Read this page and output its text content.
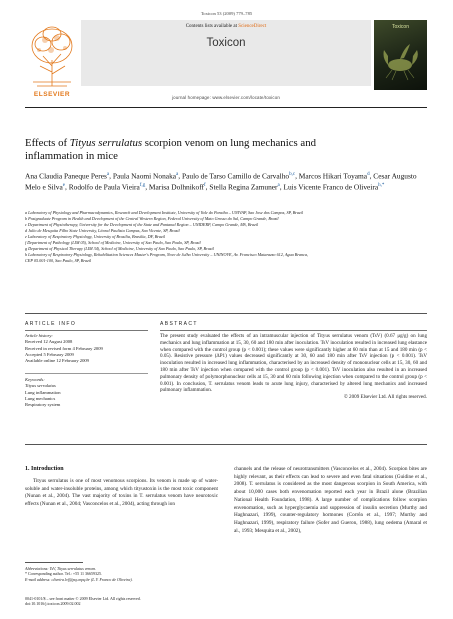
Toxicon 53 (2009) 779–785
ELSEVIER
Contents lists available at ScienceDirect
Toxicon
journal homepage: www.elsevier.com/locate/toxicon
Toxicon
Effects of Tityus serrulatus scorpion venom on lung mechanics and
inflammation in mice
Ana Claudia Paneque Peres$^a$, Paula Naomi Nonaka$^a$, Paulo de Tarso Camillo de Carvalho$^{b,c}$, Marcos Hikari Toyama$^d$, Cesar Augusto Melo e Silva$^e$, Rodolfo de Paula Vieira$^{f,g}$, Marisa Dolhnikoff$^f$, Stella Regina Zamuner$^a$, Luis Vicente Franco de Oliveira$^{h,*}$
a Laboratory of Physiology and Pharmacodynamics, Research and Development Institute, University of Vale do Paraiba – UNIVAP, Sao Jose dos Campos, SP, Brazil
b Postgraduate Program in Health and Development of the Central Western Region, Federal University of Mato Grosso do Sul, Campo Grande, Brazil
c Department of Physiotherapy, University for the Development of the State and Pantanal Region – UNIDERP, Campo Grande, MS, Brazil
d Julio de Mesquita Filho State University, Litoral Paulista Campus, Sao Vicente, SP, Brazil
e Laboratory of Respiratory Physiology, University of Brasilia, Brasilia, DF, Brazil
f Department of Pathology (LIM 05), School of Medicine, University of Sao Paulo, Sao Paulo, SP, Brazil
g Department of Physical Therapy (LIM 34), School of Medicine, University of Sao Paulo, Sao Paulo, SP, Brazil
h Laboratory of Respiratory Physiology, Rehabilitation Sciences Master's Program, Nove de Julho University – UNINOVE, Av. Francisco Matarazzo 612, Agua Branca,
CEP 05.001-100, Sao Paulo, SP, Brazil
ARTICLE INFO
Article history:
Received 12 August 2008
Received in revised form 4 February 2009
Accepted 5 February 2009
Available online 12 February 2009
Keywords:
Tityus serrulatus
Lung inflammation
Lung mechanics
Respiratory system
ABSTRACT
The present study evaluated the effects of an intramuscular injection of Tityus serrulatus venom (TsV) (0.67 μg/g) on lung mechanics and lung inflammation at 15, 30, 60 and 180 min after inoculation. TsV inoculation resulted in increased lung elastance when compared with the control group (p < 0.001); these values were significantly higher at 60 min than at 15 and 180 min (p < 0.05). Resistive pressure (ΔP1) values decreased significantly at 30, 60 and 180 min after TsV injection (p < 0.001). TsV inoculation resulted in increased lung inflammation, characterised by an increased density of mononuclear cells at 15, 30, 60 and 180 min after TsV injection when compared with the control group (p < 0.001). TsV inoculation also resulted in an increased pulmonary density of polymorphonuclear cells at 15, 30 and 60 min following injection when compared to the control group (p < 0.001). In conclusion, T. serrulatus venom leads to acute lung injury, characterised by altered lung mechanics and increased pulmonary inflammation.
© 2009 Elsevier Ltd. All rights reserved.
1. Introduction
Tityus serrulatus is one of most venomous scorpions. Its venom is made up of water-soluble and water-insoluble proteins, among which tityustoxin is the most toxic component (Nunan et al., 2004). The vast majority of toxins in T. serrulatus venom have neurotoxic effects (Nunan et al., 2004; Vasconcelos et al., 2004), acting through ion
channels and the release of neurotransmitters (Vasconcelos et al., 2004). Scorpion bites are highly relevant, as their effects can lead to severe and even fatal situations (Guidine et al., 2008). T. serrulatus is considered as the most dangerous scorpion in South America, with about 10,000 cases both envenomation reported each year in Brazil alone (Brazilian National Health Foundation, 1998). A large number of complications follow scorpion envenomation, such as hyperglycaemia and suppression of insulin secretion (Murthy and Haghnazari, 1999), counter-regulatory hormones (Corrêa et al., 1997; Murthy and Haghnazari, 1999), respiratory failure (Sofer and Gueron, 1988), lung oedema (Amaral et al., 1993; Mesquita et al., 2002),
Abbreviations: TsV, Tityus serrulatus venom.
* Corresponding author. Tel.: +55 11 36659325.
E-mail address: oliveira.lvf@pq.cnpq.br (L.V. Franco de Oliveira).
0041-0101/$ – see front matter © 2009 Elsevier Ltd. All rights reserved.
doi:10.1016/j.toxicon.2009.02.002
